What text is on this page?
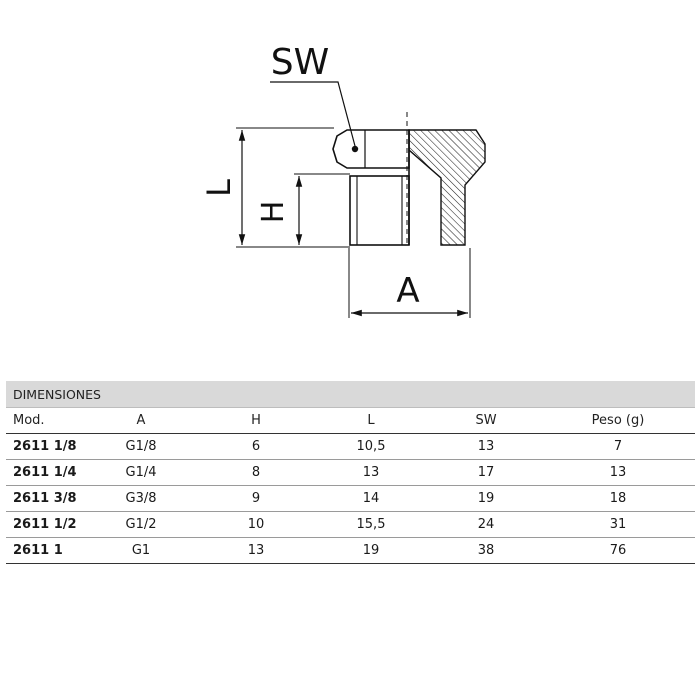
SW
L
H
A
DIMENSIONES
Mod.	A	H	L	SW	Peso (g)
2611 1/8	G1/8	6	10,5	13	7
2611 1/4	G1/4	8	13	17	13
2611 3/8	G3/8	9	14	19	18
2611 1/2	G1/2	10	15,5	24	31
2611 1	G1	13	19	38	76
